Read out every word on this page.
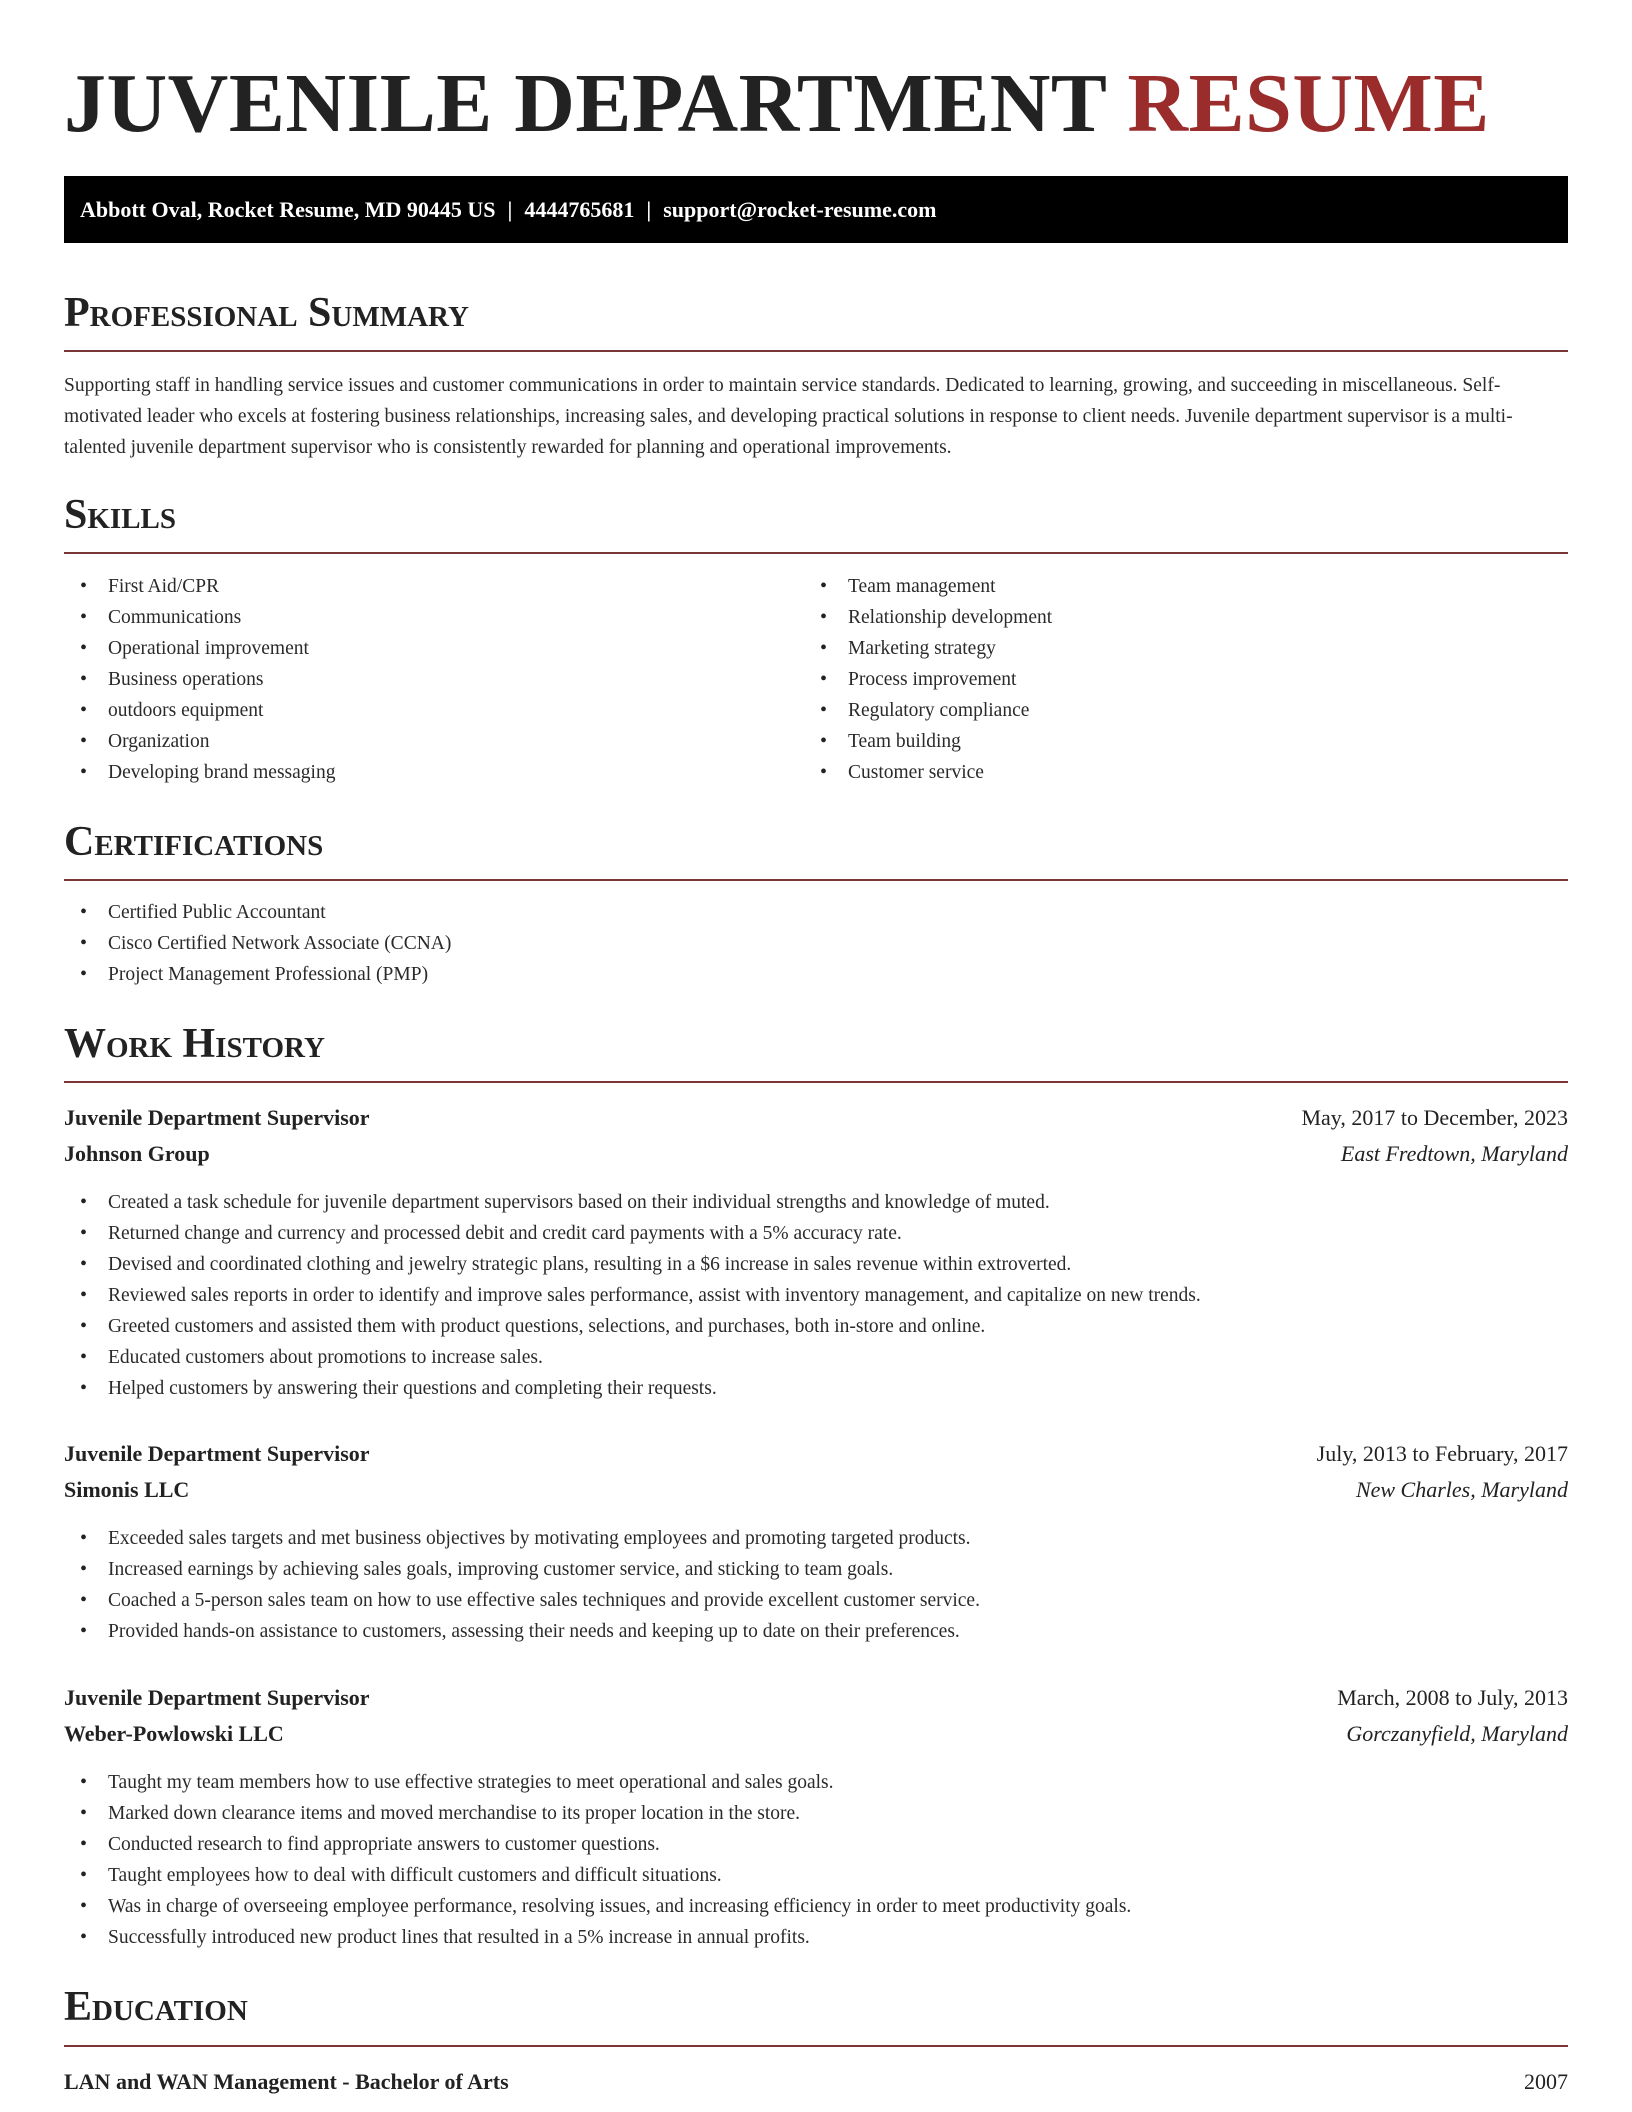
JUVENILE DEPARTMENT RESUME
Abbott Oval, Rocket Resume, MD 90445 US | 4444765681 | support@rocket-resume.com
Professional Summary

Supporting staff in handling service issues and customer communications in order to maintain service standards. Dedicated to learning, growing, and succeeding in miscellaneous. Self-motivated leader who excels at fostering business relationships, increasing sales, and developing practical solutions in response to client needs. Juvenile department supervisor is a multi-talented juvenile department supervisor who is consistently rewarded for planning and operational improvements.

Skills
• First Aid/CPR
• Communications
• Operational improvement
• Business operations
• outdoors equipment
• Organization
• Developing brand messaging
• Team management
• Relationship development
• Marketing strategy
• Process improvement
• Regulatory compliance
• Team building
• Customer service
Certifications
• Certified Public Accountant
• Cisco Certified Network Associate (CCNA)
• Project Management Professional (PMP)
Work History
Juvenile Department Supervisor	May, 2017 to December, 2023
Johnson Group	East Fredtown, Maryland
• Created a task schedule for juvenile department supervisors based on their individual strengths and knowledge of muted.
• Returned change and currency and processed debit and credit card payments with a 5% accuracy rate.
• Devised and coordinated clothing and jewelry strategic plans, resulting in a $6 increase in sales revenue within extroverted.
• Reviewed sales reports in order to identify and improve sales performance, assist with inventory management, and capitalize on new trends.
• Greeted customers and assisted them with product questions, selections, and purchases, both in-store and online.
• Educated customers about promotions to increase sales.
• Helped customers by answering their questions and completing their requests.
Juvenile Department Supervisor	July, 2013 to February, 2017
Simonis LLC	New Charles, Maryland
• Exceeded sales targets and met business objectives by motivating employees and promoting targeted products.
• Increased earnings by achieving sales goals, improving customer service, and sticking to team goals.
• Coached a 5-person sales team on how to use effective sales techniques and provide excellent customer service.
• Provided hands-on assistance to customers, assessing their needs and keeping up to date on their preferences.
Juvenile Department Supervisor	March, 2008 to July, 2013
Weber-Powlowski LLC	Gorczanyfield, Maryland
• Taught my team members how to use effective strategies to meet operational and sales goals.
• Marked down clearance items and moved merchandise to its proper location in the store.
• Conducted research to find appropriate answers to customer questions.
• Taught employees how to deal with difficult customers and difficult situations.
• Was in charge of overseeing employee performance, resolving issues, and increasing efficiency in order to meet productivity goals.
• Successfully introduced new product lines that resulted in a 5% increase in annual profits.
Education
LAN and WAN Management - Bachelor of Arts	2007
